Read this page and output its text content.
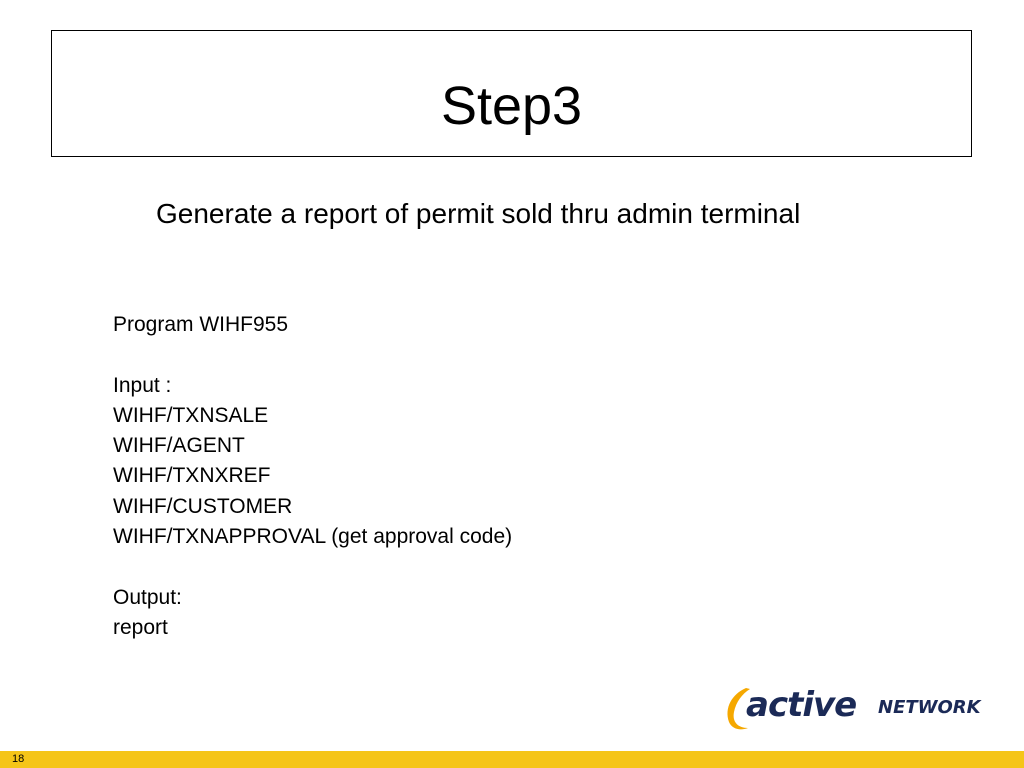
Step3

Generate a report of permit sold thru admin terminal

Program WIHF955
Input :
WIHF/TXNSALE
WIHF/AGENT
WIHF/TXNXREF
WIHF/CUSTOMER
WIHF/TXNAPPROVAL (get approval code)
Output:
report
active NETWORK
18
